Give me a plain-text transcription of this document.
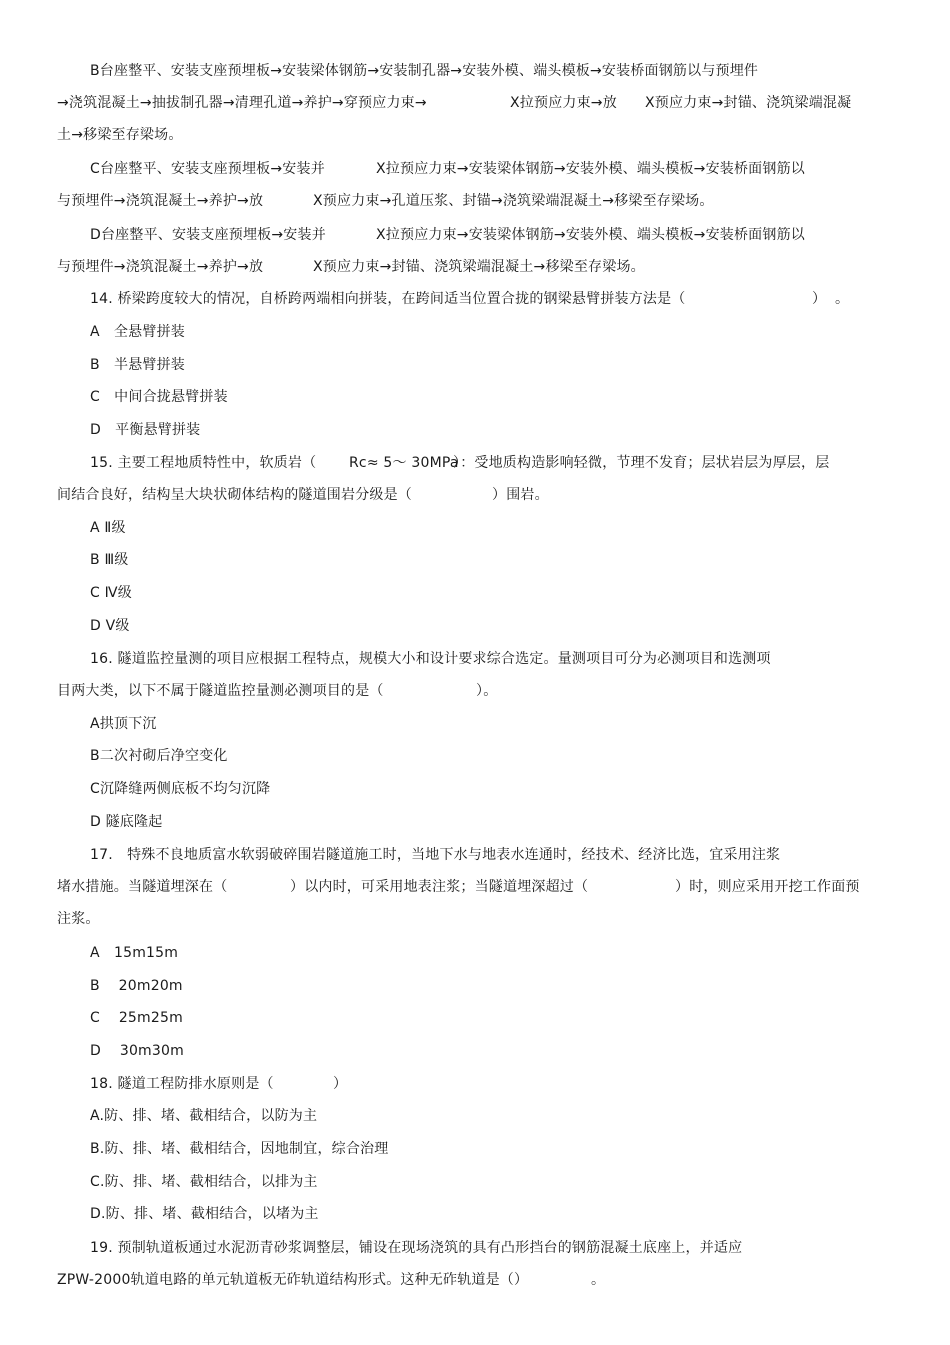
B台座整平、安装支座预埋板→安装梁体钢筋→安装制孔器→安装外模、端头模板→安装桥面钢筋以与预埋件
→浇筑混凝土→抽拔制孔器→清理孔道→养护→穿预应力束→	X拉预应力束→放 X预应力束→封锚、浇筑梁端混凝
土→移梁至存梁场。
C台座整平、安装支座预埋板→安装并	X拉预应力束→安装梁体钢筋→安装外模、端头模板→安装桥面钢筋以
与预埋件→浇筑混凝土→养护→放	X预应力束→孔道压浆、封锚→浇筑梁端混凝土→移梁至存梁场。
D台座整平、安装支座预埋板→安装并	X拉预应力束→安装梁体钢筋→安装外模、端头模板→安装桥面钢筋以
与预埋件→浇筑混凝土→养护→放	X预应力束→封锚、浇筑梁端混凝土→移梁至存梁场。
14. 桥梁跨度较大的情况，自桥跨两端相向拼装，在跨间适当位置合拢的钢梁悬臂拼装方法是（	） 。
A　全悬臂拼装
B　半悬臂拼装
C　中间合拢悬臂拼装
D　平衡悬臂拼装
15. 主要工程地质特性中，软质岩（ Rc≈ 5～ 30MPa
）：受地质构造影响轻微，节理不发育；层状岩层为厚层，层
间结合良好，结构呈大块状砌体结构的隧道围岩分级是（	）围岩。
A Ⅱ级
B Ⅲ级
C Ⅳ级
D Ⅴ级
16. 隧道监控量测的项目应根据工程特点，规模大小和设计要求综合选定。量测项目可分为必测项目和选测项
目两大类，以下不属于隧道监控量测必测项目的是（	）。
A拱顶下沉
B二次衬砌后净空变化
C沉降缝两侧底板不均匀沉降
D 隧底隆起
17.　特殊不良地质富水软弱破碎围岩隧道施工时，当地下水与地表水连通时，经技术、经济比选，宜采用注浆
堵水措施。当隧道埋深在（	）以内时，可采用地表注浆；当隧道埋深超过（	）时，则应采用开挖工作面预
注浆。
A　15m15m
B　 20m20m
C　 25m25m
D　 30m30m
18. 隧道工程防排水原则是（	）
A.防、排、堵、截相结合，以防为主
B.防、排、堵、截相结合，因地制宜，综合治理
C.防、排、堵、截相结合，以排为主
D.防、排、堵、截相结合，以堵为主
19. 预制轨道板通过水泥沥青砂浆调整层，铺设在现场浇筑的具有凸形挡台的钢筋混凝土底座上，并适应
ZPW-2000轨道电路的单元轨道板无砟轨道结构形式。这种无砟轨道是（）	。
